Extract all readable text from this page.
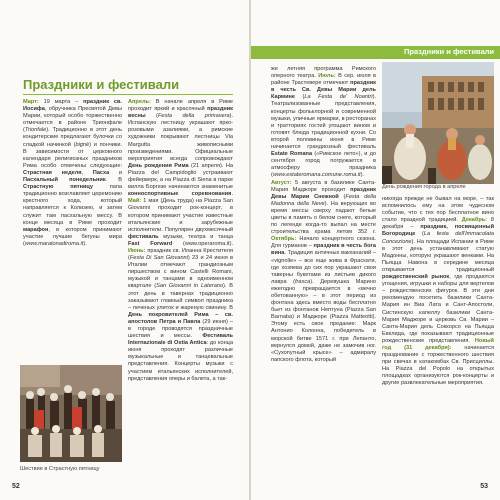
Праздники и фестивали

Март: 19 марта – праздник св. Иосифа, обручника Пресвятой Девы Марии, который особо торжественно отмечается в районе Трионфале (Trionfale). Традиционно в этот день кондитерские предлагают булочки со сладкой начинкой (bignè) и пончики. В зависимости от церковного календаря религиозных праздников Рима особо отмечены следующие: Страстная неделя, Пасха и Пасхальный понедельник. В Страстную пятницу папа традиционно возглавляет церемонию крестного хода, который направляется к Колизею, и затем служит там пасхальную мессу. В конце месяца в Риме проходит марафон, в котором принимают участие лучшие бегуны мира (www.maratonadiroma.it).

Апрель: В начале апреля в Риме проходит яркий и красочный праздник весны (Festa della primavera). Испанскую лестницу украшают ярко-розовыми азалиями, а римские художники покрывают лестницы Via Margutta живописными произведениями. Официальные мероприятия всегда сопровождают День рождения Рима (21 апреля). На Piazza del Campidoglio устраивают фейерверк, а на Piazza di Siena в парке вилла Боргезе начинаются знаменитые конноспортивные соревнования. Май: 1 мая (День труда) на Piazza San Giovanni проходит рок-концерт, в котором принимают участие известные итальянские и зарубежные исполнители. Популярен двухмесячный фестиваль музыки, театра и танца Fast Forward (www.operaroma.it). Июнь: праздник св. Иоанна Крестителя (Festa Di San Giovanni) 23 и 24 июня в Италии отмечают грандиозным пиршеством с вином Castelli Romani, музыкой и танцами в одноименном квартале (San Giovanni in Laterano). В этот день в тавернах традиционно заказывают главный символ праздника – печеных улиток и жареную свинину. В День покровителей Рима – св. апостолов Петра и Павла (29 июня) – в городе проводятся праздничные шествия и мессы. Фестиваль Internazionale di Ostia Antica: до конца июня проходят различные музыкальные и танцевальные представления. Концерты музыки с участием итальянских исполнителей, представления оперы и балета, а так-

Шествие в Страстную пятницу
52
Праздники и фестивали

же летняя программа Римского оперного театра. Июль: В сер. июля в районе Трастевере отмечают праздник в честь Св. Девы Марии дель Карминe (La Festa de' Noantri). Театрализованные представления, концерты фольклорной и современной музыки, уличные ярмарки, в ресторанах и тратториях гостей угощают вином и готовят блюда традиционной кухни. Со второй половины июня в Риме начинается грандиозный фестиваль Estate Romana («Римское лето»), и до сентября город погружается в атмосферу праздника (www.estateromana.comune.roma.it). Август: 5 августа в базилике Санта-Мария Маджоре проходит праздник Девы Марии Снежной (Festa della Madonna della Neve). На верующих во время мессы сверху падают белые цветы в память о белом снеге, который по легенде когда-то выпал на месте строительства храма летом 352 г. Октябрь: Начало концертного сезона. Для гурманов – праздник в честь бога вина. Традиция античных вакханалий – «vignolle» – все еще жива в Фраскати, где хозяева до сих пор украшают свои таверны букетами из листьев дикого лавра (frasca). Деревушка Марино ежегодно превращается в «вечно обетованную» – в этот период из фонтана здесь вместо воды бесплатно бьет из фонтанов Нептуна (Piazza San Barnaba) и Маджоре (Piazza Matteotti). Этому есть свое предание: Марк Антонио Колонна, победитель в морской битве 1571 г. при Лепанто, вернулся домой, даже не замочив ног. «Сухопутный крысе» – адмиралу папского флота, который

День рождения города в апреле

никогда прежде не бывал на море, – так вспомнилось ему на этом чудесном событие, что с тех пор бесплатное вино стало праздной традицией. Декабрь: 8 декабря – праздник, посвященный Богородице (La festa dell'Immacolata Concezione). На площади Испании в Риме в этот день устанавливают статую Мадонны, которую украшают венками. На Пьяцца Навона в середине месяца открывается традиционный рождественский рынок, где продаются угощения, игрушки и наборы для вертепов – рождественских фигурок. В эти дни рекомендую посетить базилики Санта-Мария ин Виа Лата и Сант-Апостоли, Систинскую капеллу базилики Санта-Мария Маджоре и церковь Св. Марии – Санта-Мария дель Соккорсо на Пьяцца Евклида, где показывают традиционные рождественские представления. Новый год (31 декабря): начинается празднование с торжественного шествия при свечах в катакомбах Св. Присциллы. На Piazza del Popolo на открытых площадках организуются рок-концерты и другие развлекательные мероприятия.

53
